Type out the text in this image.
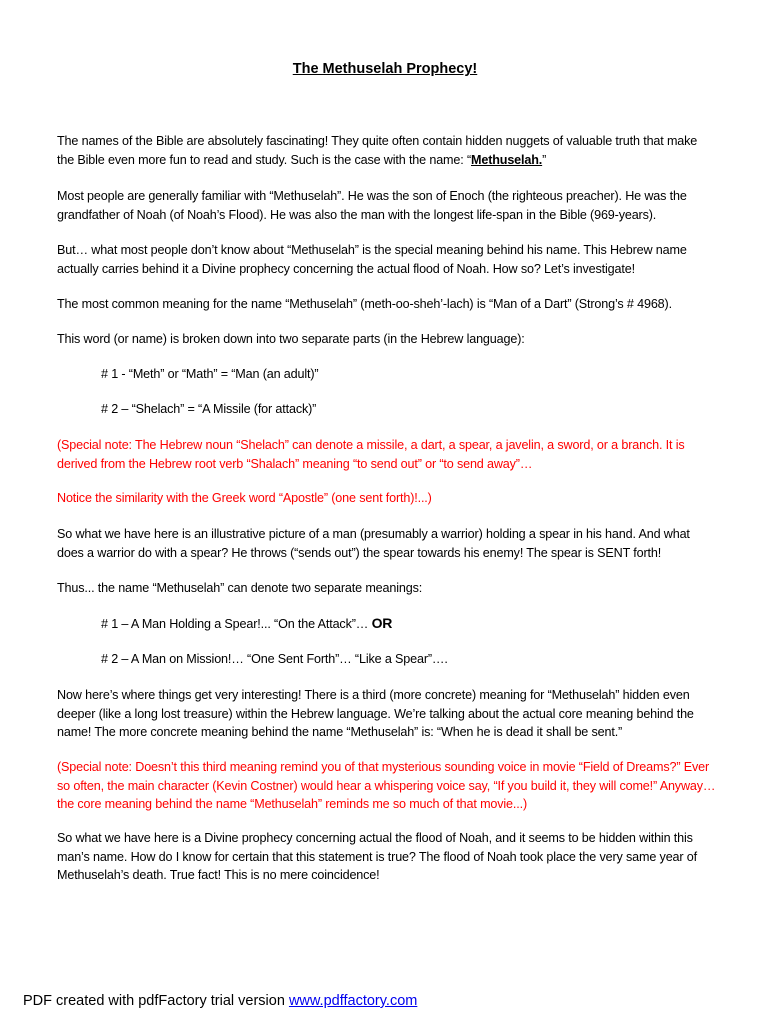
The Methuselah Prophecy!
The names of the Bible are absolutely fascinating! They quite often contain hidden nuggets of valuable truth that make the Bible even more fun to read and study. Such is the case with the name: “Methuselah.”
Most people are generally familiar with “Methuselah”. He was the son of Enoch (the righteous preacher). He was the grandfather of Noah (of Noah’s Flood). He was also the man with the longest life-span in the Bible (969-years).
But… what most people don’t know about “Methuselah” is the special meaning behind his name. This Hebrew name actually carries behind it a Divine prophecy concerning the actual flood of Noah. How so? Let’s investigate!
The most common meaning for the name “Methuselah” (meth-oo-sheh’-lach) is “Man of a Dart” (Strong’s # 4968).
This word (or name) is broken down into two separate parts (in the Hebrew language):
# 1 - “Meth” or “Math” = “Man (an adult)”
# 2 – “Shelach” = “A Missile (for attack)”
(Special note: The Hebrew noun “Shelach” can denote a missile, a dart, a spear, a javelin, a sword, or a branch. It is derived from the Hebrew root verb “Shalach” meaning “to send out” or “to send away”…
Notice the similarity with the Greek word “Apostle” (one sent forth)!...)
So what we have here is an illustrative picture of a man (presumably a warrior) holding a spear in his hand. And what does a warrior do with a spear? He throws (“sends out”) the spear towards his enemy! The spear is SENT forth!
Thus... the name “Methuselah” can denote two separate meanings:
# 1 – A Man Holding a Spear!... “On the Attack”… OR
# 2 – A Man on Mission!… “One Sent Forth”… “Like a Spear”….
Now here’s where things get very interesting! There is a third (more concrete) meaning for “Methuselah” hidden even deeper (like a long lost treasure) within the Hebrew language. We’re talking about the actual core meaning behind the name! The more concrete meaning behind the name “Methuselah” is: “When he is dead it shall be sent.”
(Special note: Doesn’t this third meaning remind you of that mysterious sounding voice in movie “Field of Dreams?” Ever so often, the main character (Kevin Costner) would hear a whispering voice say, “If you build it, they will come!” Anyway… the core meaning behind the name “Methuselah” reminds me so much of that movie...)
So what we have here is a Divine prophecy concerning actual the flood of Noah, and it seems to be hidden within this man’s name. How do I know for certain that this statement is true? The flood of Noah took place the very same year of Methuselah’s death. True fact! This is no mere coincidence!
PDF created with pdfFactory trial version www.pdffactory.com
